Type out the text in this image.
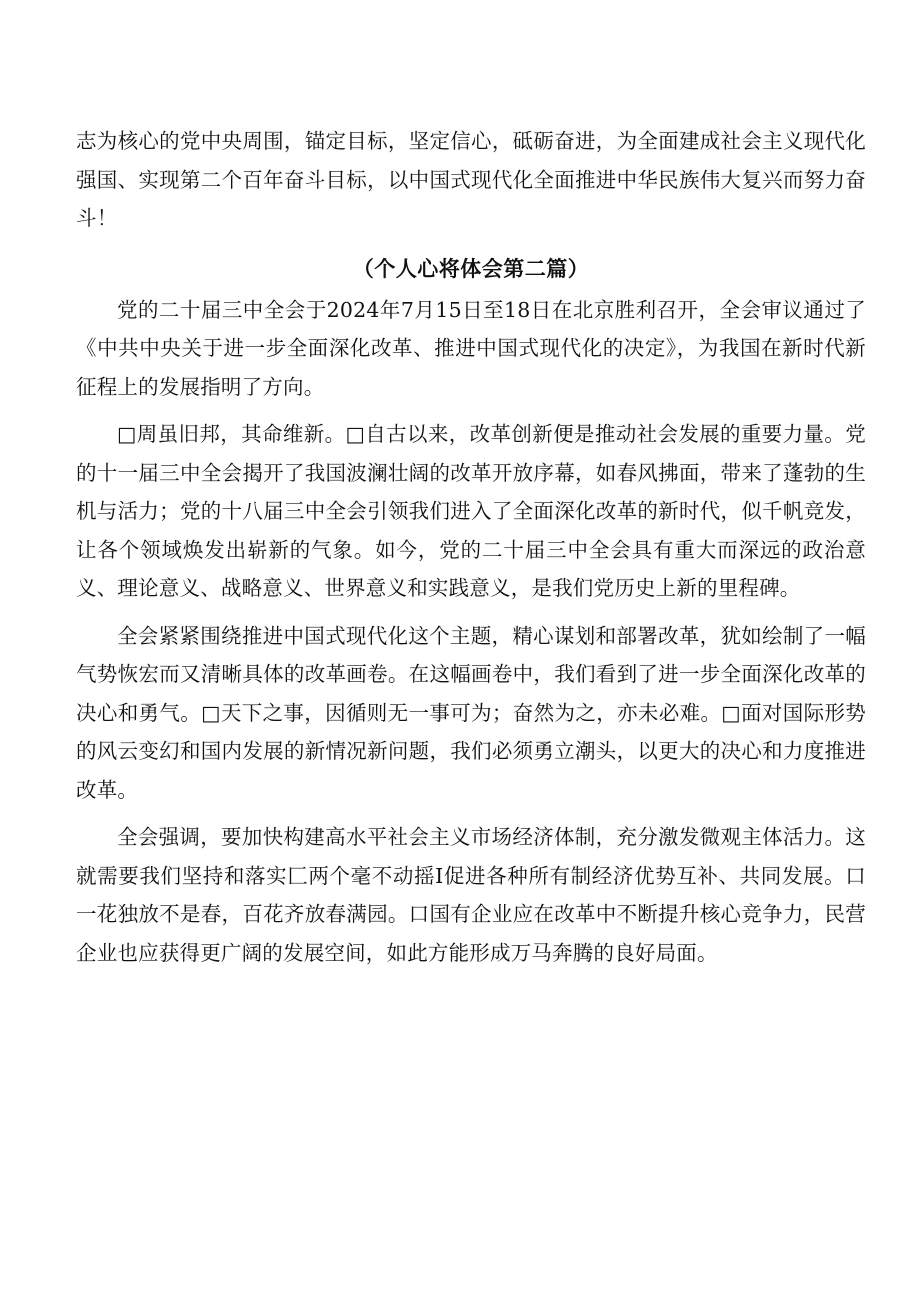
志为核心的党中央周围，锚定目标，坚定信心，砥砺奋进，为全面建成社会主义现代化强国、实现第二个百年奋斗目标，以中国式现代化全面推进中华民族伟大复兴而努力奋斗！

（个人心将体会第二篇）

党的二十届三中全会于2024年7月15日至18日在北京胜利召开，全会审议通过了《中共中央关于进一步全面深化改革、推进中国式现代化的决定》，为我国在新时代新征程上的发展指明了方向。

□周虽旧邦，其命维新。□自古以来，改革创新便是推动社会发展的重要力量。党的十一届三中全会揭开了我国波澜壮阔的改革开放序幕，如春风拂面，带来了蓬勃的生机与活力；党的十八届三中全会引领我们进入了全面深化改革的新时代，似千帆竞发，让各个领域焕发出崭新的气象。如今，党的二十届三中全会具有重大而深远的政治意义、理论意义、战略意义、世界意义和实践意义，是我们党历史上新的里程碑。

全会紧紧围绕推进中国式现代化这个主题，精心谋划和部署改革，犹如绘制了一幅气势恢宏而又清晰具体的改革画卷。在这幅画卷中，我们看到了进一步全面深化改革的决心和勇气。□天下之事，因循则无一事可为；奋然为之，亦未必难。□面对国际形势的风云变幻和国内发展的新情况新问题，我们必须勇立潮头，以更大的决心和力度推进改革。

全会强调，要加快构建高水平社会主义市场经济体制，充分激发微观主体活力。这就需要我们坚持和落实匚两个毫不动摇I促进各种所有制经济优势互补、共同发展。口一花独放不是春，百花齐放春满园。口国有企业应在改革中不断提升核心竞争力，民营企业也应获得更广阔的发展空间，如此方能形成万马奔腾的良好局面。
